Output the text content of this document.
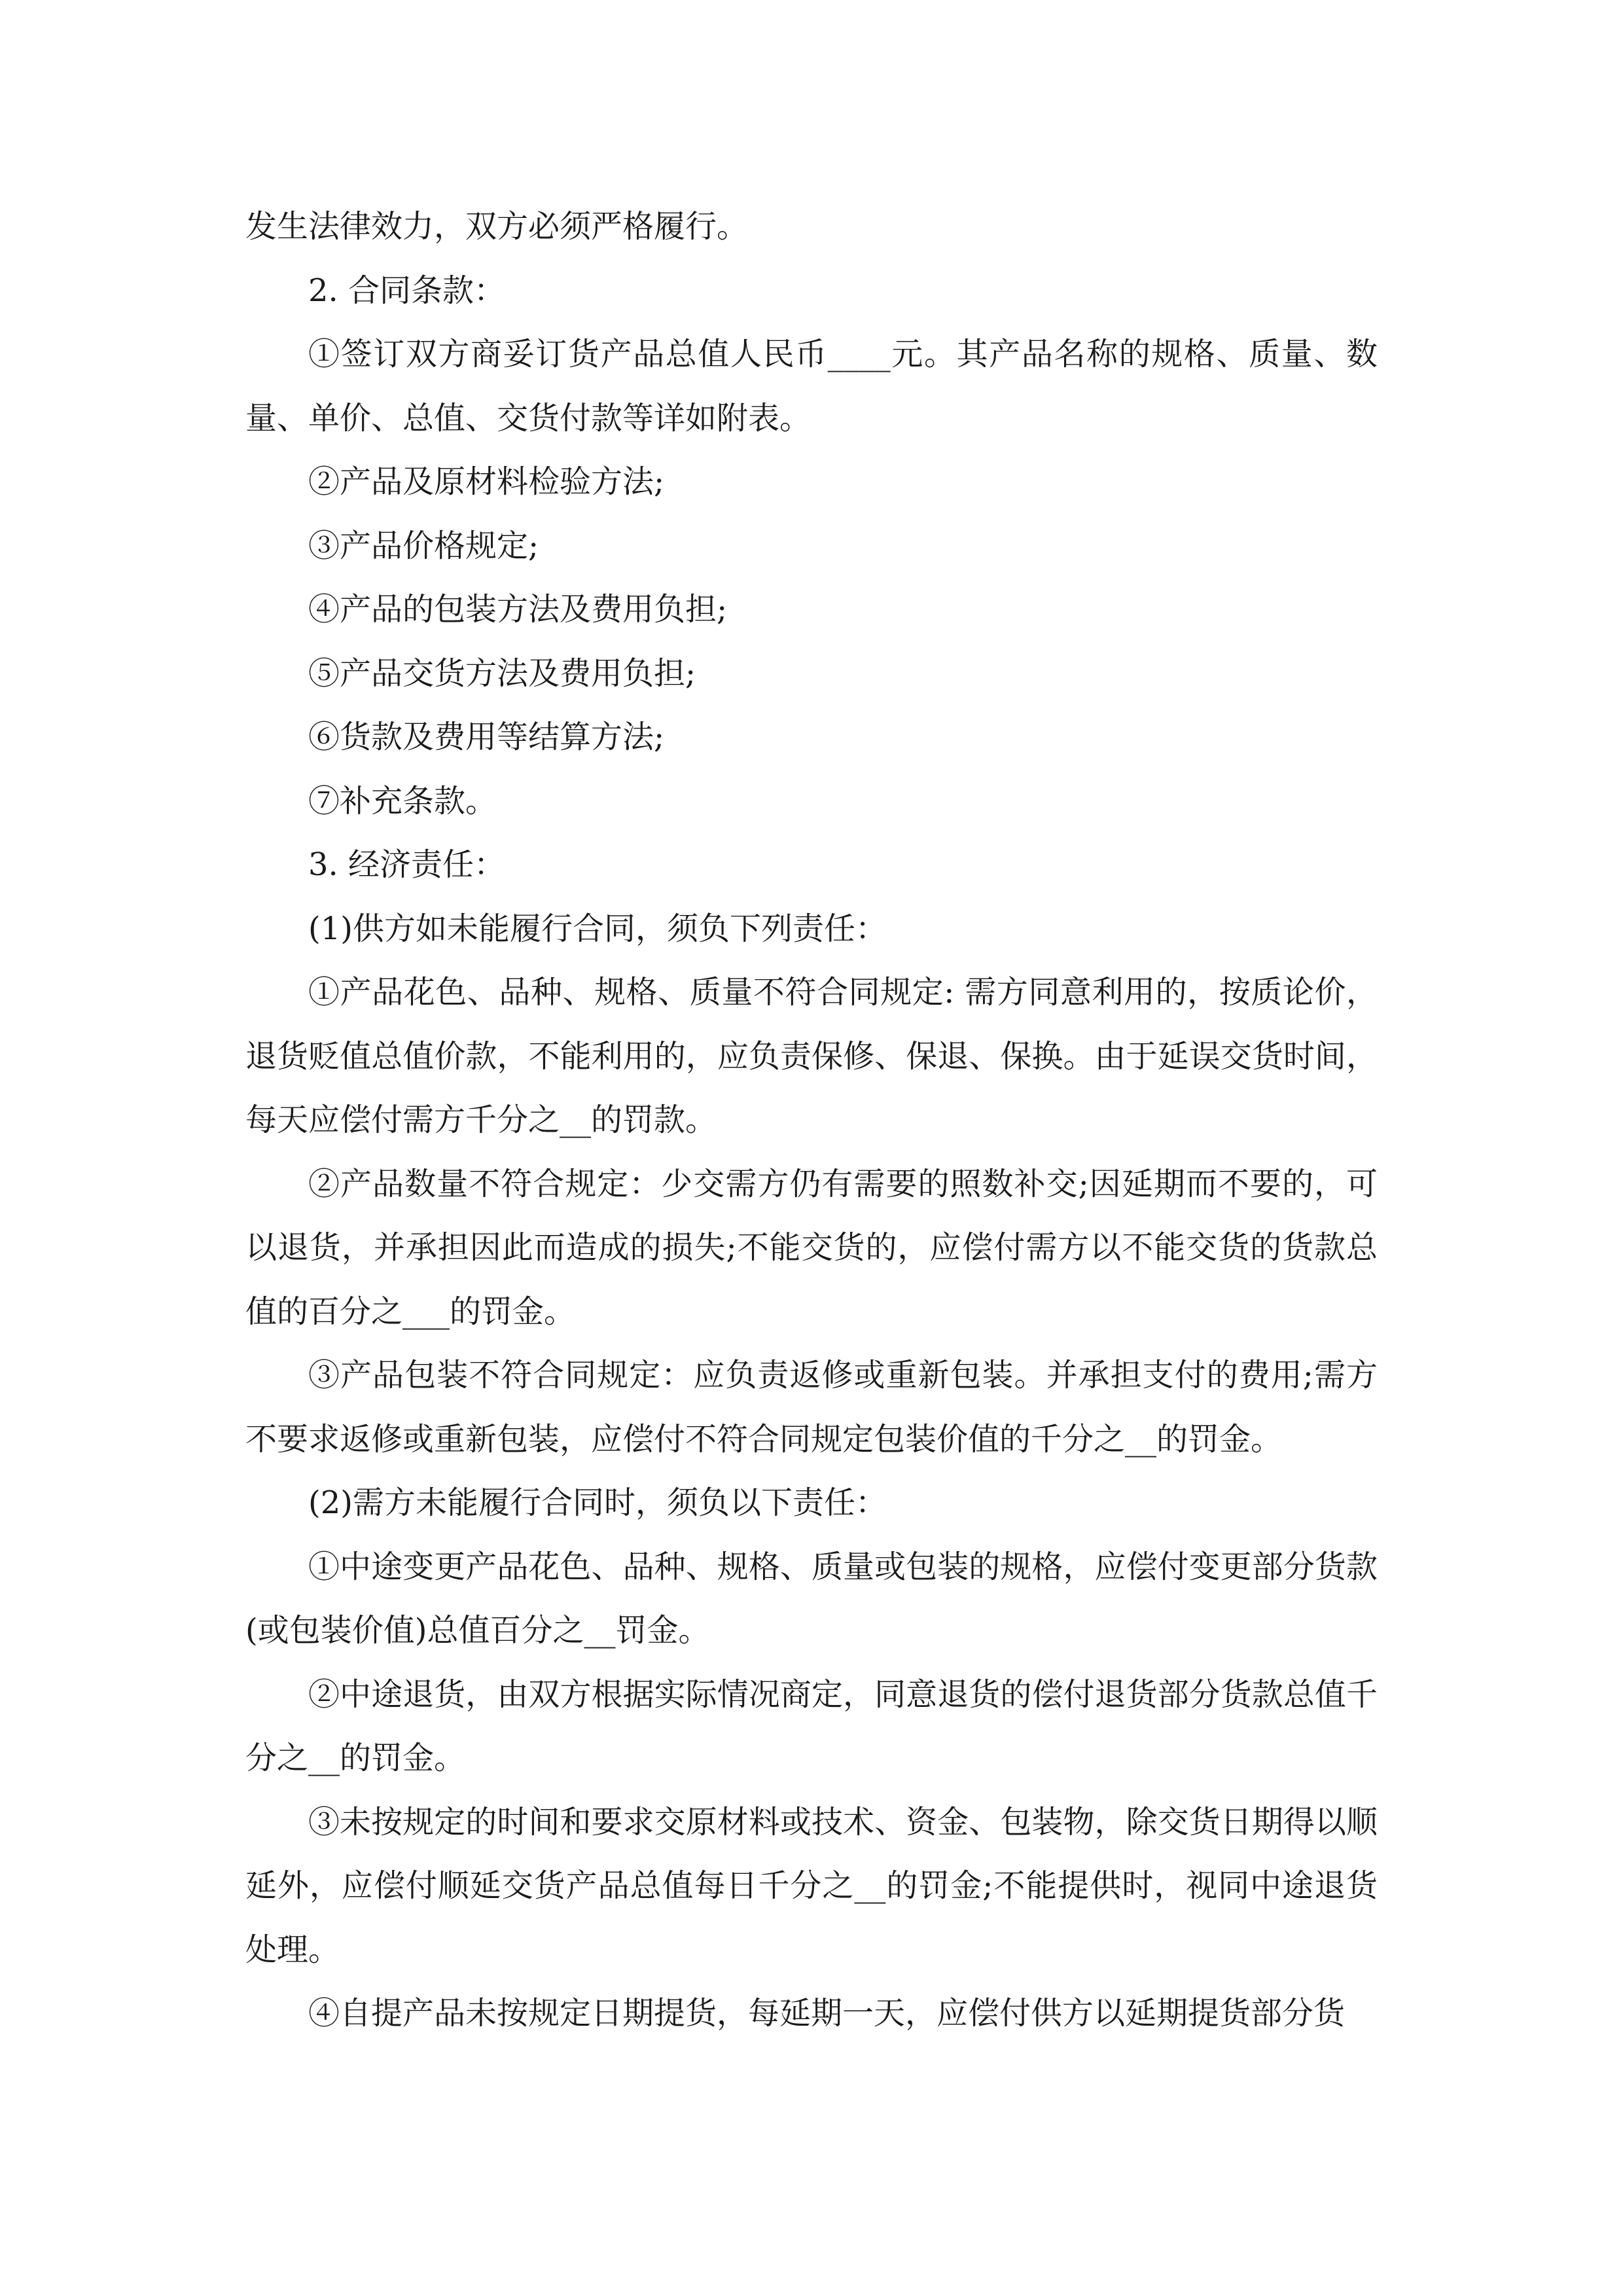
发生法律效力，双方必须严格履行。

2. 合同条款：

①签订双方商妥订货产品总值人民币____元。其产品名称的规格、质量、数量、单价、总值、交货付款等详如附表。

②产品及原材料检验方法;

③产品价格规定;

④产品的包装方法及费用负担;

⑤产品交货方法及费用负担;

⑥货款及费用等结算方法;

⑦补充条款。

3. 经济责任：

(1)供方如未能履行合同，须负下列责任：

①产品花色、品种、规格、质量不符合同规定: 需方同意利用的，按质论价，退货贬值总值价款，不能利用的，应负责保修、保退、保换。由于延误交货时间，每天应偿付需方千分之__的罚款。

②产品数量不符合规定：少交需方仍有需要的照数补交;因延期而不要的，可以退货，并承担因此而造成的损失;不能交货的，应偿付需方以不能交货的货款总值的百分之___的罚金。

③产品包装不符合同规定：应负责返修或重新包装。并承担支付的费用;需方不要求返修或重新包装，应偿付不符合同规定包装价值的千分之__的罚金。

(2)需方未能履行合同时，须负以下责任：

①中途变更产品花色、品种、规格、质量或包装的规格，应偿付变更部分货款(或包装价值)总值百分之__罚金。

②中途退货，由双方根据实际情况商定，同意退货的偿付退货部分货款总值千分之__的罚金。

③未按规定的时间和要求交原材料或技术、资金、包装物，除交货日期得以顺延外，应偿付顺延交货产品总值每日千分之__的罚金;不能提供时，视同中途退货处理。

④自提产品未按规定日期提货，每延期一天，应偿付供方以延期提货部分货
